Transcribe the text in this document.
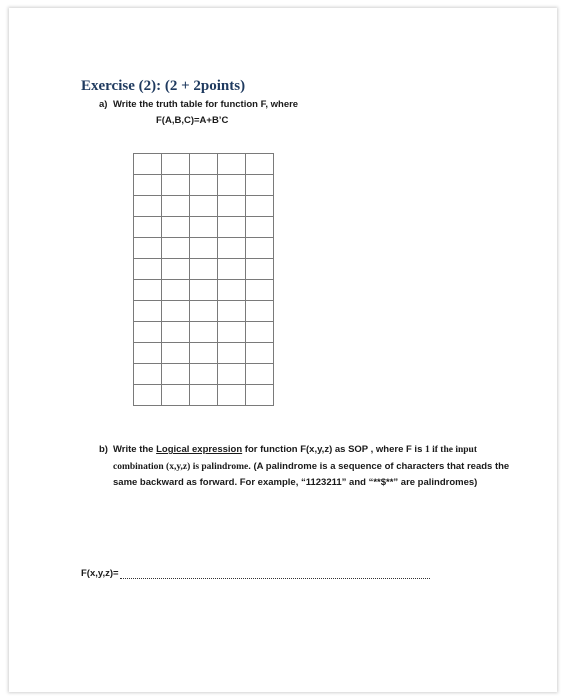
Exercise (2): (2 + 2points)
a) Write the truth table for function F, where
F(A,B,C)=A+B’C

b) Write the Logical expression for function F(x,y,z) as SOP , where F is 1 if the input combination (x,y,z) is palindrome. (A palindrome is a sequence of characters that reads the same backward as forward. For example, “1123211” and “**$**” are palindromes)
F(x,y,z)=
